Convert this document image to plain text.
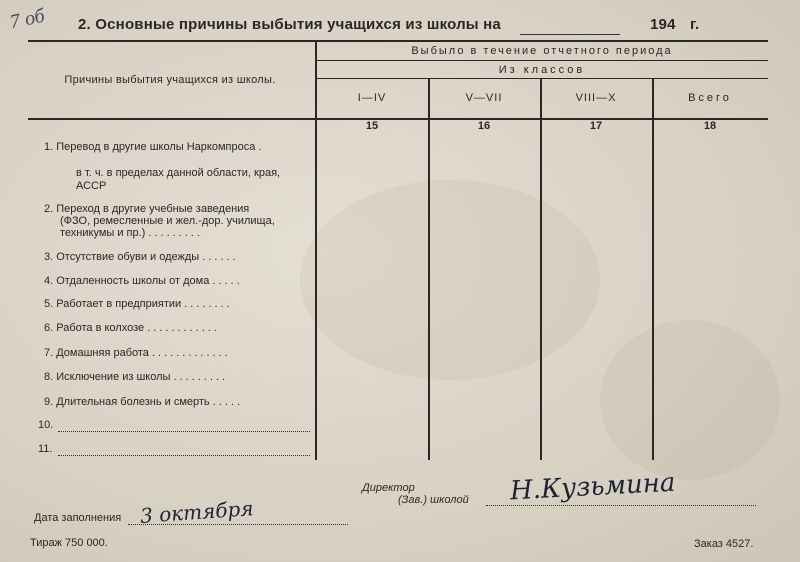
7 об 2. Основные причины выбытия учащихся из школы на	194 г.
Причины выбытия учащихся из школы.
Выбыло в течение отчетного периода
Из классов
I—IV	V—VII	VIII—X	Всего
15	16	17	18
1. Перевод в другие школы Наркомпроса .
в т. ч. в пределах данной области, края,
АССР
2. Переход в другие учебные заведения
(ФЗО, ремесленные и жел.-дор. училища,
техникумы и пр.) .........
3. Отсутствие обуви и одежды ......
4. Отдаленность школы от дома .....
5. Работает в предприятии ........
6. Работа в колхозе ............
7. Домашняя работа .............
8. Исключение из школы .........
9. Длительная болезнь и смерть .....
10.
11.
Дата заполнения 3 октября
Директор
(Зав.) школой Н.Кузьмина
Тираж 750 000.	Заказ 4527.
